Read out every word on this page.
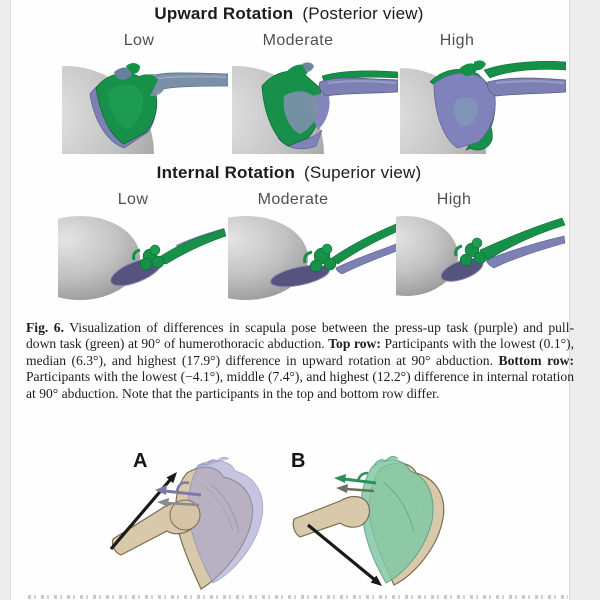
Upward Rotation (Posterior view)
Low	Moderate	High
Internal Rotation (Superior view)
Low	Moderate	High

Fig. 6. Visualization of differences in scapula pose between the press-up task (purple) and pull-down task (green) at 90° of humerothoracic abduction. Top row: Participants with the lowest (0.1°), median (6.3°), and highest (17.9°) difference in upward rotation at 90° abduction. Bottom row: Participants with the lowest (−4.1°), middle (7.4°), and highest (12.2°) difference in internal rotation at 90° abduction. Note that the participants in the top and bottom row differ.

A	B
